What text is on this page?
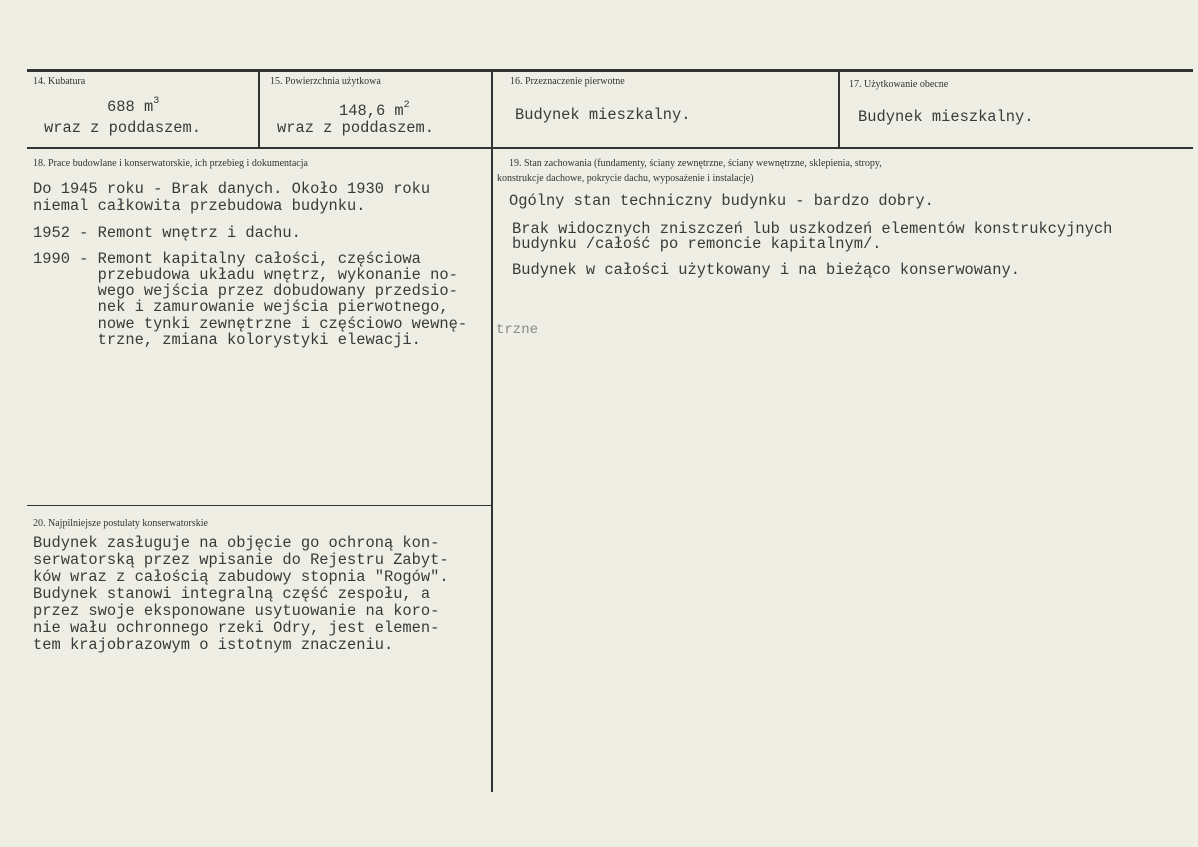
14. Kubatura
688 $m^3$
wraz z poddaszem.
15. Powierzchnia użytkowa
148,6 $m^2$
wraz z poddaszem.
16. Przeznaczenie pierwotne
Budynek mieszkalny.
17. Użytkowanie obecne
Budynek mieszkalny.
18. Prace budowlane i konserwatorskie, ich przebieg i dokumentacja
Do 1945 roku - Brak danych. Około 1930 roku
niemal całkowita przebudowa budynku.
1952 - Remont wnętrz i dachu.
1990 - Remont kapitalny całości, częściowa
przebudowa układu wnętrz, wykonanie no-
wego wejścia przez dobudowany przedsio-
nek i zamurowanie wejścia pierwotnego,
nowe tynki zewnętrzne i częściowo wewnę-
trzne, zmiana kolorystyki elewacji.
trzne
19. Stan zachowania (fundamenty, ściany zewnętrzne, ściany wewnętrzne, sklepienia, stropy,
konstrukcje dachowe, pokrycie dachu, wyposażenie i instalacje)
Ogólny stan techniczny budynku - bardzo dobry.
Brak widocznych zniszczeń lub uszkodzeń elementów konstrukcyjnych
budynku /całość po remoncie kapitalnym/.
Budynek w całości użytkowany i na bieżąco konserwowany.
20. Najpilniejsze postulaty konserwatorskie
Budynek zasługuje na objęcie go ochroną kon-
serwatorską przez wpisanie do Rejestru Zabyt-
ków wraz z całością zabudowy stopnia "Rogów".
Budynek stanowi integralną część zespołu, a
przez swoje eksponowane usytuowanie na koro-
nie wału ochronnego rzeki Odry, jest elemen-
tem krajobrazowym o istotnym znaczeniu.
